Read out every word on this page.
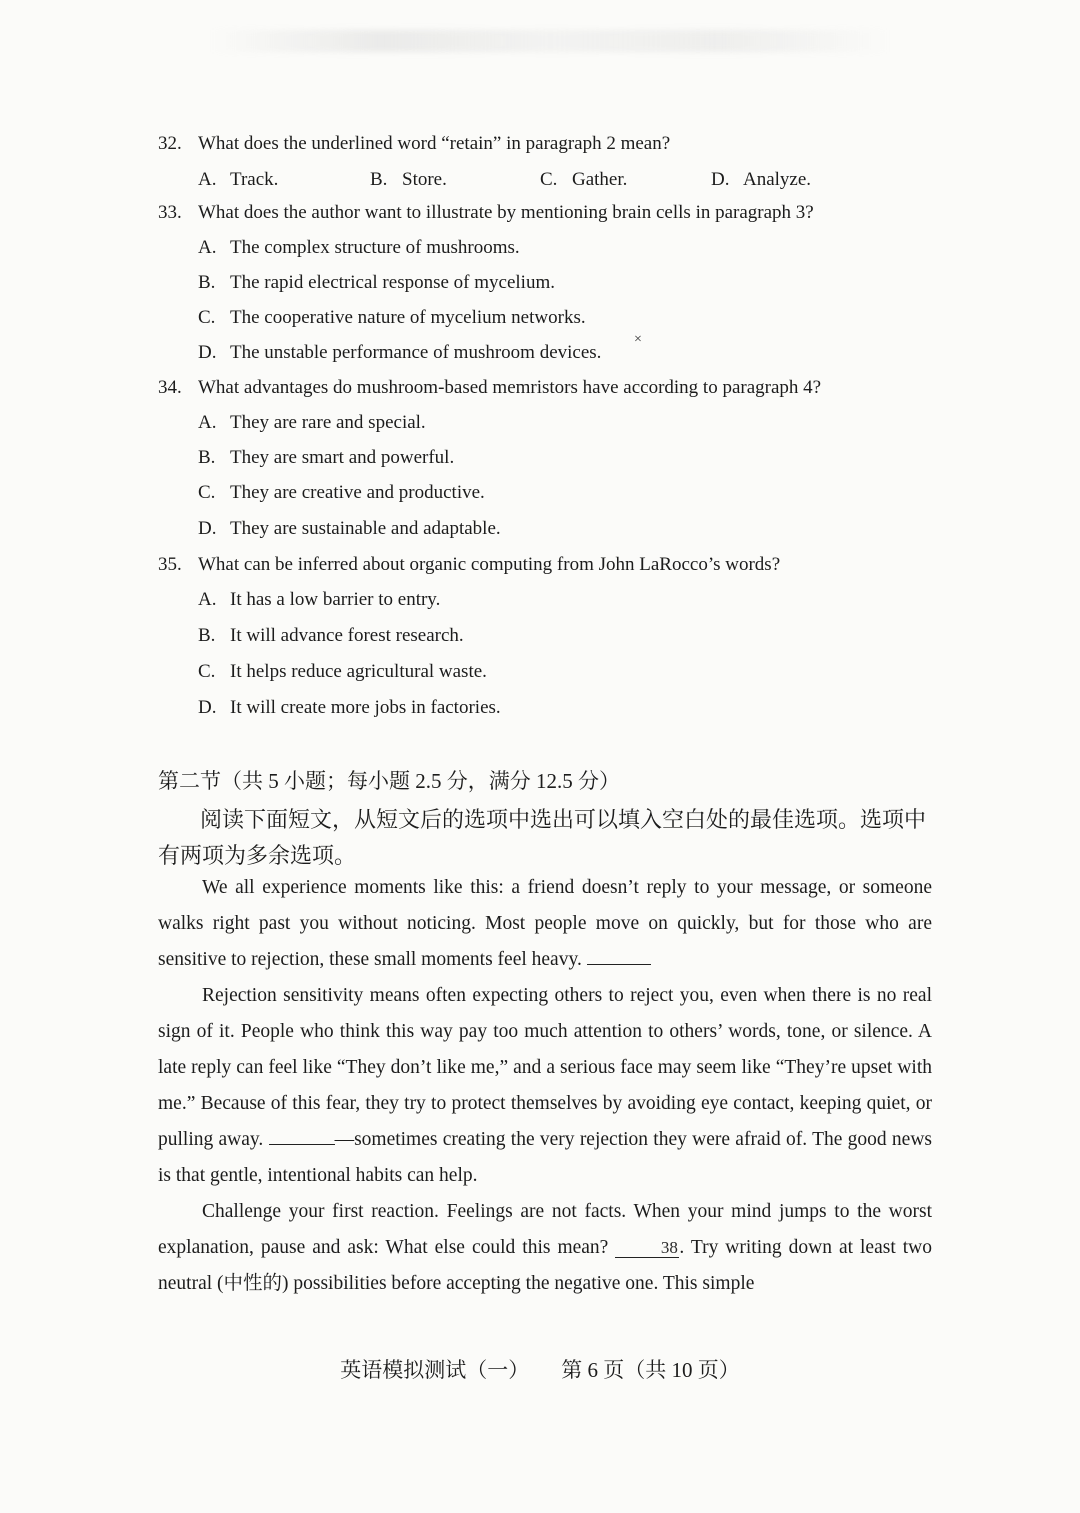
32. What does the underlined word “retain” in paragraph 2 mean?
A. Track.	B. Store.	C. Gather.	D. Analyze.
33. What does the author want to illustrate by mentioning brain cells in paragraph 3?
A. The complex structure of mushrooms.
B. The rapid electrical response of mycelium.
C. The cooperative nature of mycelium networks.
D. The unstable performance of mushroom devices.
×
34. What advantages do mushroom-based memristors have according to paragraph 4?
A. They are rare and special.
B. They are smart and powerful.
C. They are creative and productive.
D. They are sustainable and adaptable.
35. What can be inferred about organic computing from John LaRocco’s words?
A. It has a low barrier to entry.
B. It will advance forest research.
C. It helps reduce agricultural waste.
D. It will create more jobs in factories.
第二节（共 5 小题；每小题 2.5 分，满分 12.5 分）
阅读下面短文，从短文后的选项中选出可以填入空白处的最佳选项。选项中有两项为多余选项。

We all experience moments like this: a friend doesn’t reply to your message, or someone walks right past you without noticing. Most people move on quickly, but for those who are sensitive to rejection, these small moments feel heavy.

Rejection sensitivity means often expecting others to reject you, even when there is no real sign of it. People who think this way pay too much attention to others’ words, tone, or silence. A late reply can feel like “They don’t like me,” and a serious face may seem like “They’re upset with me.” Because of this fear, they try to protect themselves by avoiding eye contact, keeping quiet, or pulling away.	—sometimes creating the very rejection they were afraid of. The good news is that gentle, intentional habits can help.

Challenge your first reaction. Feelings are not facts. When your mind jumps to the worst explanation, pause and ask: What else could this mean?	38. Try writing down at least two neutral (中性的) possibilities before accepting the negative one. This simple

英语模拟测试（一） 第 6 页（共 10 页）
